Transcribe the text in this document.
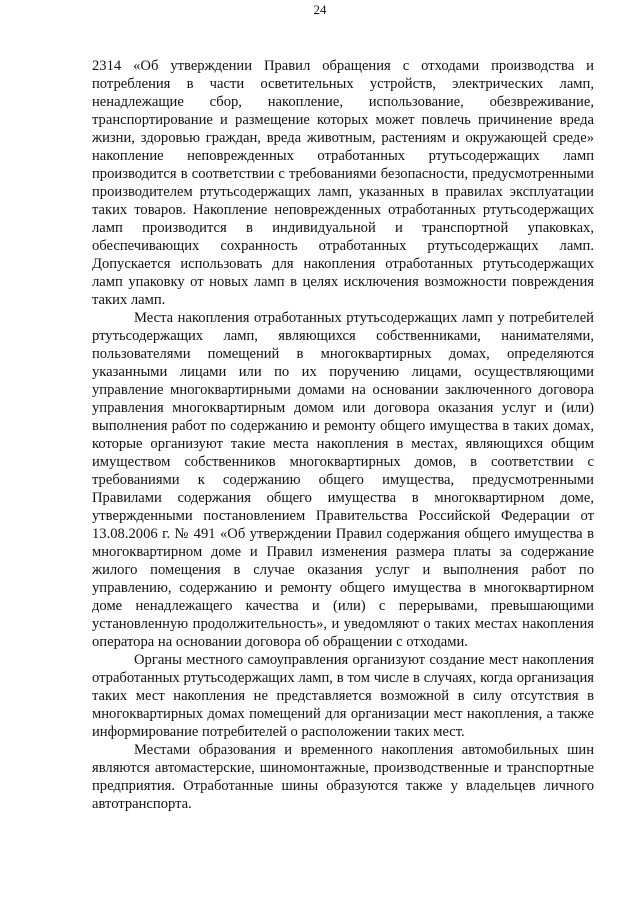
24

2314 «Об утверждении Правил обращения с отходами производства и потребления в части осветительных устройств, электрических ламп, ненадлежащие сбор, накопление, использование, обезвреживание, транспортирование и размещение которых может повлечь причинение вреда жизни, здоровью граждан, вреда животным, растениям и окружающей среде» накопление неповрежденных отработанных ртутьсодержащих ламп производится в соответствии с требованиями безопасности, предусмотренными производителем ртутьсодержащих ламп, указанных в правилах эксплуатации таких товаров. Накопление неповрежденных отработанных ртутьсодержащих ламп производится в индивидуальной и транспортной упаковках, обеспечивающих сохранность отработанных ртутьсодержащих ламп. Допускается использовать для накопления отработанных ртутьсодержащих ламп упаковку от новых ламп в целях исключения возможности повреждения таких ламп.

Места накопления отработанных ртутьсодержащих ламп у потребителей ртутьсодержащих ламп, являющихся собственниками, нанимателями, пользователями помещений в многоквартирных домах, определяются указанными лицами или по их поручению лицами, осуществляющими управление многоквартирными домами на основании заключенного договора управления многоквартирным домом или договора оказания услуг и (или) выполнения работ по содержанию и ремонту общего имущества в таких домах, которые организуют такие места накопления в местах, являющихся общим имуществом собственников многоквартирных домов, в соответствии с требованиями к содержанию общего имущества, предусмотренными Правилами содержания общего имущества в многоквартирном доме, утвержденными постановлением Правительства Российской Федерации от 13.08.2006 г. № 491 «Об утверждении Правил содержания общего имущества в многоквартирном доме и Правил изменения размера платы за содержание жилого помещения в случае оказания услуг и выполнения работ по управлению, содержанию и ремонту общего имущества в многоквартирном доме ненадлежащего качества и (или) с перерывами, превышающими установленную продолжительность», и уведомляют о таких местах накопления оператора на основании договора об обращении с отходами.

Органы местного самоуправления организуют создание мест накопления отработанных ртутьсодержащих ламп, в том числе в случаях, когда организация таких мест накопления не представляется возможной в силу отсутствия в многоквартирных домах помещений для организации мест накопления, а также информирование потребителей о расположении таких мест.

Местами образования и временного накопления автомобильных шин являются автомастерские, шиномонтажные, производственные и транспортные предприятия. Отработанные шины образуются также у владельцев личного автотранспорта.
